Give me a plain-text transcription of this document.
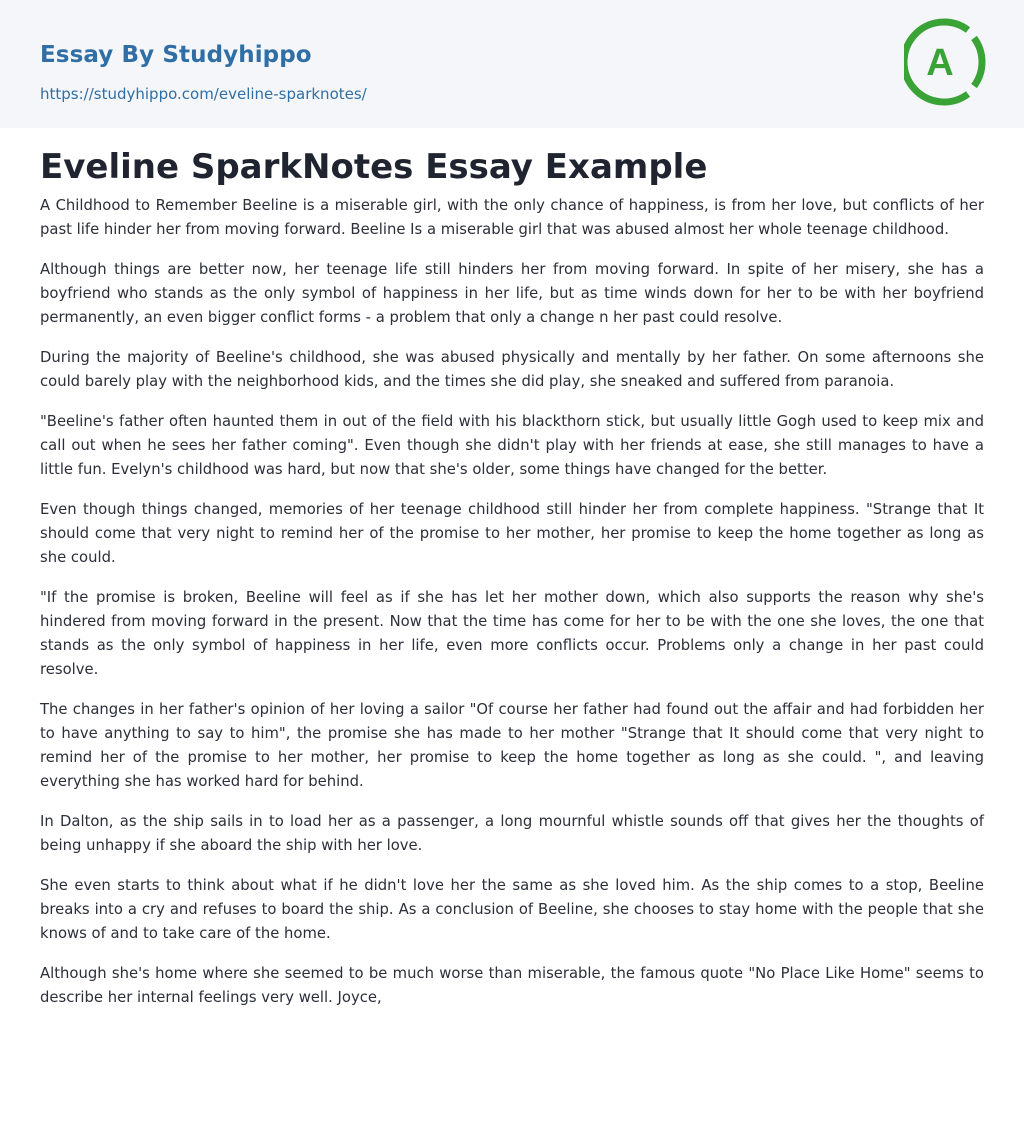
Essay By Studyhippo
https://studyhippo.com/eveline-sparknotes/
A
Eveline SparkNotes Essay Example

A Childhood to Remember Beeline is a miserable girl, with the only chance of happiness, is from her love, but conflicts of her past life hinder her from moving forward. Beeline Is a miserable girl that was abused almost her whole teenage childhood.

Although things are better now, her teenage life still hinders her from moving forward. In spite of her misery, she has a boyfriend who stands as the only symbol of happiness in her life, but as time winds down for her to be with her boyfriend permanently, an even bigger conflict forms - a problem that only a change n her past could resolve.

During the majority of Beeline's childhood, she was abused physically and mentally by her father. On some afternoons she could barely play with the neighborhood kids, and the times she did play, she sneaked and suffered from paranoia.

"Beeline's father often haunted them in out of the field with his blackthorn stick, but usually little Gogh used to keep mix and call out when he sees her father coming". Even though she didn't play with her friends at ease, she still manages to have a little fun. Evelyn's childhood was hard, but now that she's older, some things have changed for the better.

Even though things changed, memories of her teenage childhood still hinder her from complete happiness. "Strange that It should come that very night to remind her of the promise to her mother, her promise to keep the home together as long as she could.

"If the promise is broken, Beeline will feel as if she has let her mother down, which also supports the reason why she's hindered from moving forward in the present. Now that the time has come for her to be with the one she loves, the one that stands as the only symbol of happiness in her life, even more conflicts occur. Problems only a change in her past could resolve.

The changes in her father's opinion of her loving a sailor "Of course her father had found out the affair and had forbidden her to have anything to say to him", the promise she has made to her mother "Strange that It should come that very night to remind her of the promise to her mother, her promise to keep the home together as long as she could. ", and leaving everything she has worked hard for behind.

In Dalton, as the ship sails in to load her as a passenger, a long mournful whistle sounds off that gives her the thoughts of being unhappy if she aboard the ship with her love.

She even starts to think about what if he didn't love her the same as she loved him. As the ship comes to a stop, Beeline breaks into a cry and refuses to board the ship. As a conclusion of Beeline, she chooses to stay home with the people that she knows of and to take care of the home.

Although she's home where she seemed to be much worse than miserable, the famous quote "No Place Like Home" seems to describe her internal feelings very well. Joyce,
